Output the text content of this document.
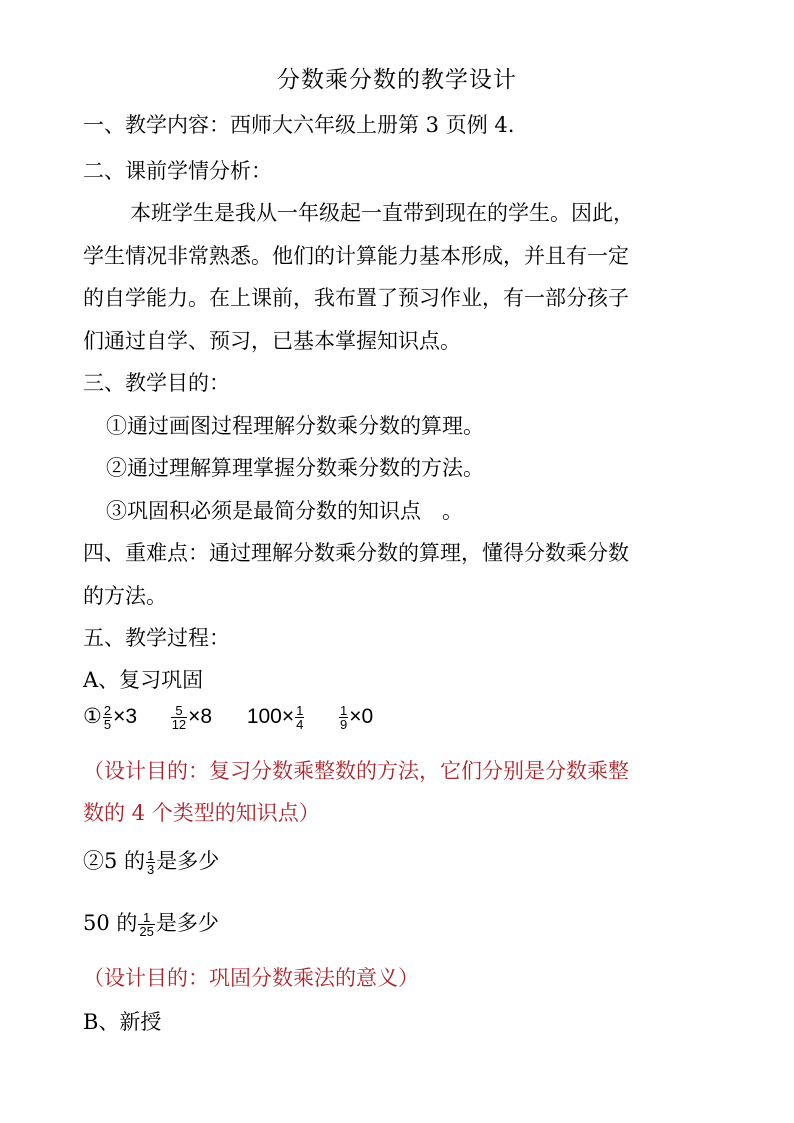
分数乘分数的教学设计
一、教学内容：西师大六年级上册第 3 页例 4.
二、课前学情分析：
本班学生是我从一年级起一直带到现在的学生。因此，
学生情况非常熟悉。他们的计算能力基本形成，并且有一定
的自学能力。在上课前，我布置了预习作业，有一部分孩子
们通过自学、预习，已基本掌握知识点。
三、教学目的：
①通过画图过程理解分数乘分数的算理。
②通过理解算理掌握分数乘分数的方法。
③巩固积必须是最简分数的知识点　。
四、重难点：通过理解分数乘分数的算理，懂得分数乘分数
的方法。
五、教学过程：
A、复习巩固
① $\frac{2}{5} \times 3$	$\frac{5}{12} \times 8$ $100\times \frac{1}{4}$
	$\frac{1}{9} \times 0$
（设计目的：复习分数乘整数的方法，它们分别是分数乘整
数的 4 个类型的知识点）
②5 的 $\frac{1}{3}$ 是多少
50 的 $\frac{1}{25}$ 是多少
（设计目的：巩固分数乘法的意义）
B、新授
